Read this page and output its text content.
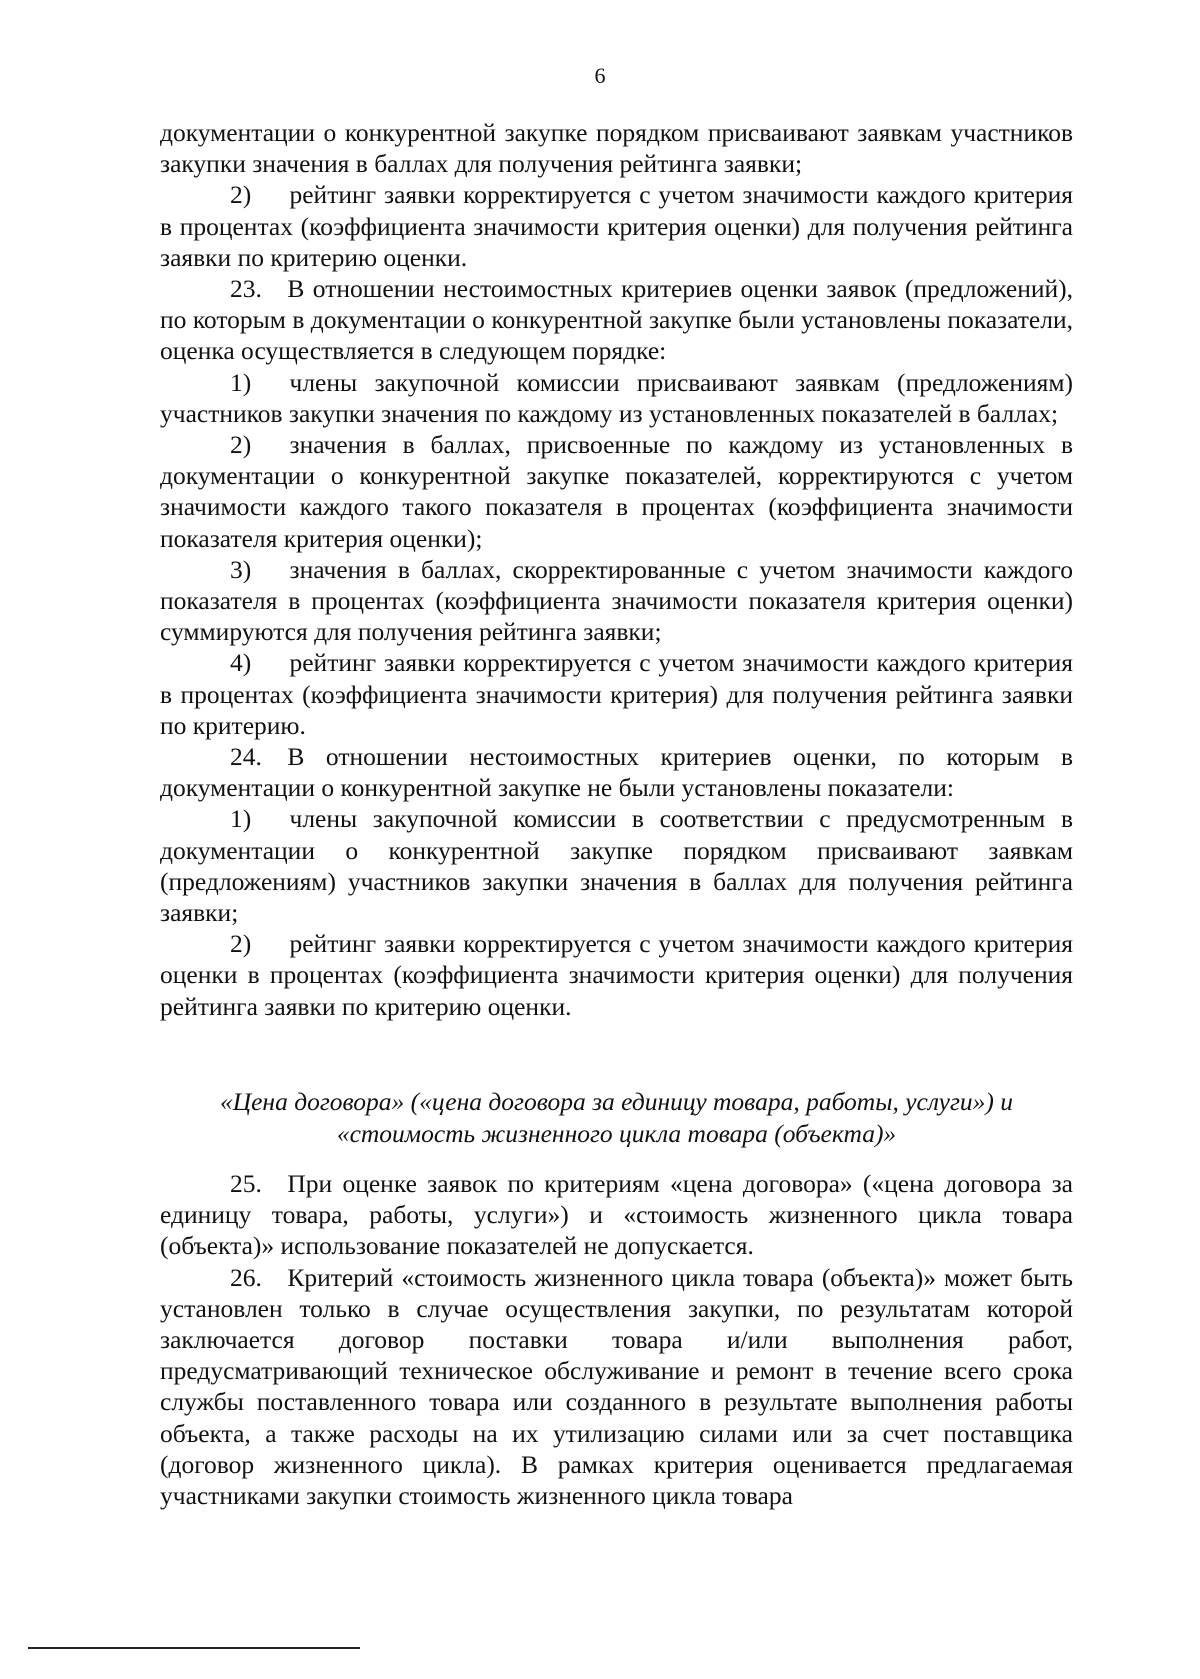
6

документации о конкурентной закупке порядком присваивают заявкам участников закупки значения в баллах для получения рейтинга заявки;

2)  рейтинг заявки корректируется с учетом значимости каждого критерия в процентах (коэффициента значимости критерия оценки) для получения рейтинга заявки по критерию оценки.

23. В отношении нестоимостных критериев оценки заявок (предложений), по которым в документации о конкурентной закупке были установлены показатели, оценка осуществляется в следующем порядке:

1)  члены закупочной комиссии присваивают заявкам (предложениям) участников закупки значения по каждому из установленных показателей в баллах;

2)  значения в баллах, присвоенные по каждому из установленных в документации о конкурентной закупке показателей, корректируются с учетом значимости каждого такого показателя в процентах (коэффициента значимости показателя критерия оценки);

3)  значения в баллах, скорректированные с учетом значимости каждого показателя в процентах (коэффициента значимости показателя критерия оценки) суммируются для получения рейтинга заявки;

4)  рейтинг заявки корректируется с учетом значимости каждого критерия в процентах (коэффициента значимости критерия) для получения рейтинга заявки по критерию.

24. В отношении нестоимостных критериев оценки, по которым в документации о конкурентной закупке не были установлены показатели:

1)  члены закупочной комиссии в соответствии с предусмотренным в документации о конкурентной закупке порядком присваивают заявкам (предложениям) участников закупки значения в баллах для получения рейтинга заявки;

2)  рейтинг заявки корректируется с учетом значимости каждого критерия оценки в процентах (коэффициента значимости критерия оценки) для получения рейтинга заявки по критерию оценки.

«Цена договора» («цена договора за единицу товара, работы, услуги») и
«стоимость жизненного цикла товара (объекта)»

25. При оценке заявок по критериям «цена договора» («цена договора за единицу товара, работы, услуги») и «стоимость жизненного цикла товара (объекта)» использование показателей не допускается.

26. Критерий «стоимость жизненного цикла товара (объекта)» может быть установлен только в случае осуществления закупки, по результатам которой заключается договор поставки товара и/или выполнения работ, предусматривающий техническое обслуживание и ремонт в течение всего срока службы поставленного товара или созданного в результате выполнения работы объекта, а также расходы на их утилизацию силами или за счет поставщика (договор жизненного цикла). В рамках критерия оценивается предлагаемая участниками закупки стоимость жизненного цикла товара
